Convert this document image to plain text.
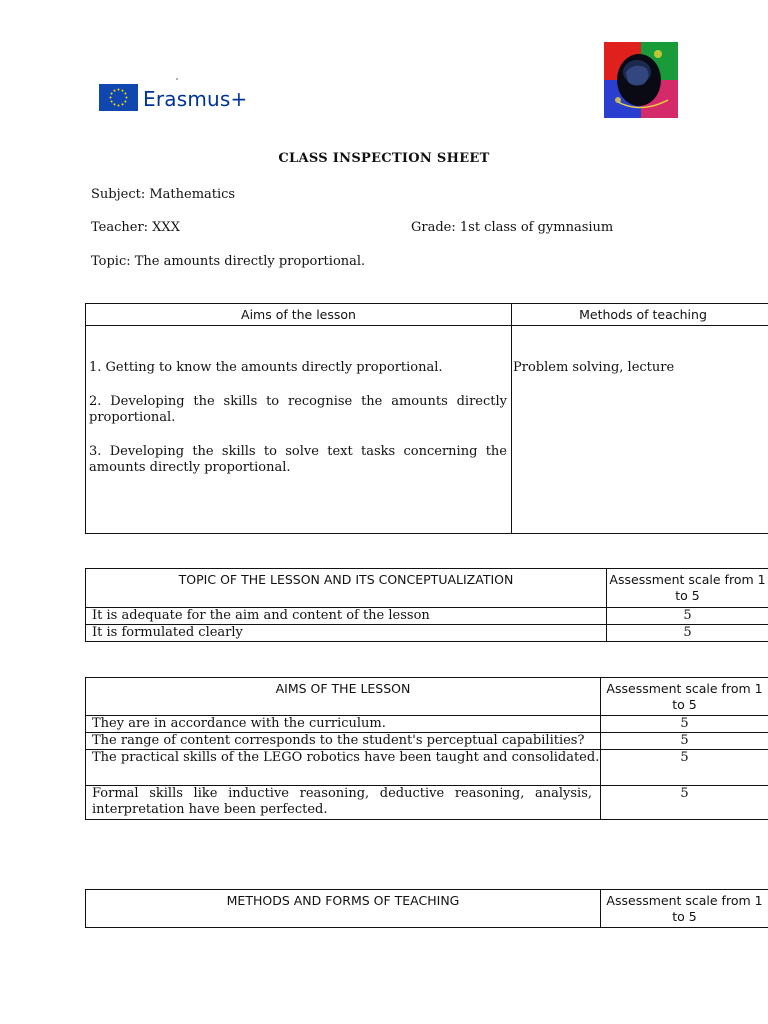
Erasmus+
CLASS INSPECTION SHEET
Subject: Mathematics
Teacher: XXX	Grade: 1st class of gymnasium
Topic: The amounts directly proportional.
Aims of the lesson	Methods of teaching

1. Getting to know the amounts directly proportional.

2. Developing the skills to recognise the amounts directly proportional.

3. Developing the skills to solve text tasks concerning the amounts directly proportional.	Problem solving, lecture
TOPIC OF THE LESSON AND ITS CONCEPTUALIZATION	Assessment scale from 1 to 5
It is adequate for the aim and content of the lesson	5
It is formulated clearly	5
AIMS OF THE LESSON	Assessment scale from 1 to 5
They are in accordance with the curriculum.	5
The range of content corresponds to the student's perceptual capabilities?	5
The practical skills of the LEGO robotics have been taught and consolidated.	5
Formal skills like inductive reasoning, deductive reasoning, analysis, interpretation have been perfected.	5
METHODS AND FORMS OF TEACHING	Assessment scale from 1 to 5
